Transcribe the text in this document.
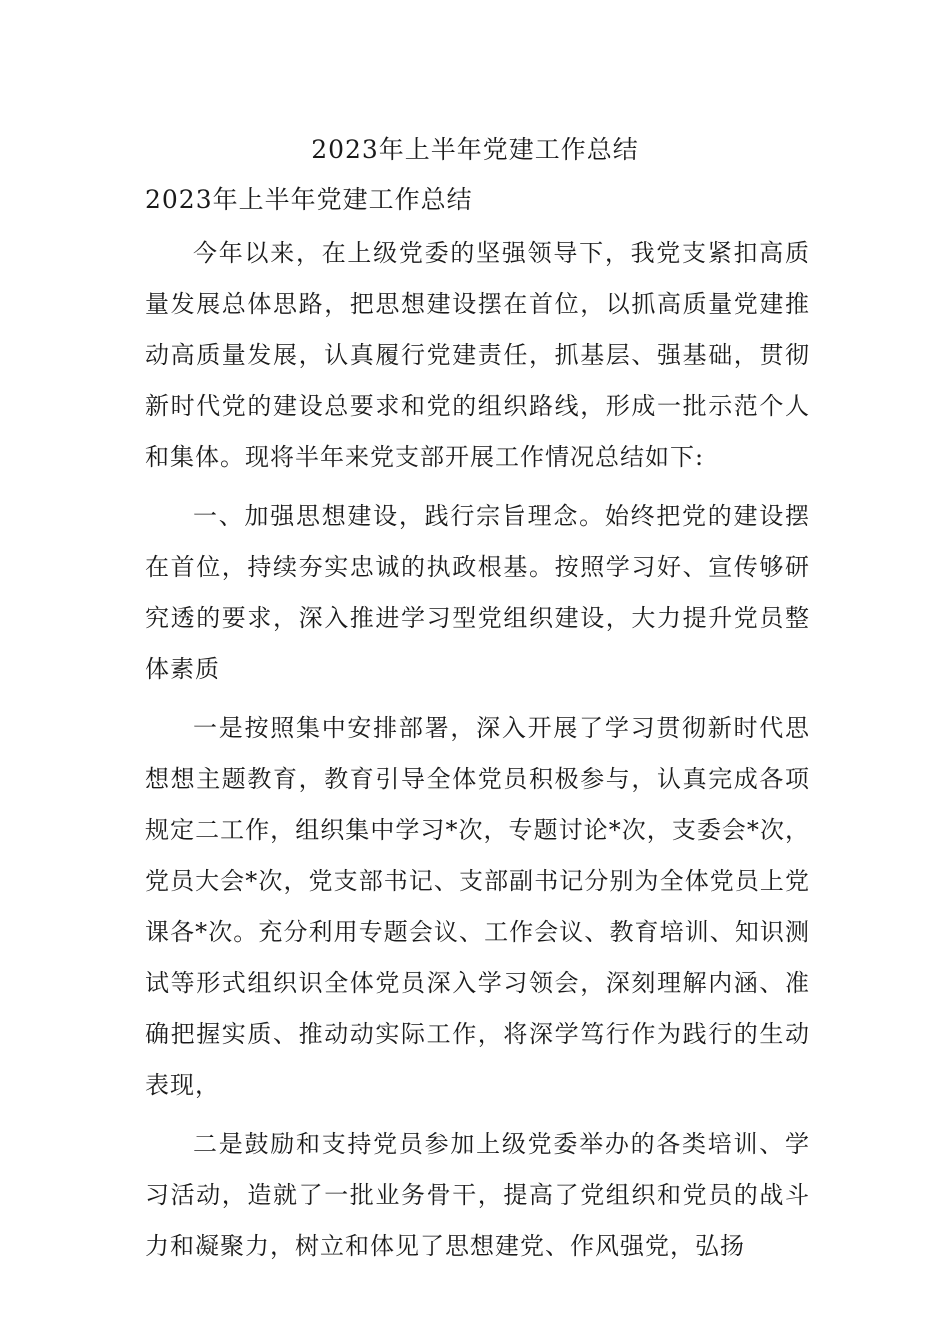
2023年上半年党建工作总结

2023年上半年党建工作总结

今年以来，在上级党委的坚强领导下，我党支紧扣高质量发展总体思路，把思想建设摆在首位，以抓高质量党建推动高质量发展，认真履行党建责任，抓基层、强基础，贯彻新时代党的建设总要求和党的组织路线，形成一批示范个人和集体。现将半年来党支部开展工作情况总结如下:

一、加强思想建设，践行宗旨理念。始终把党的建设摆在首位，持续夯实忠诚的执政根基。按照学习好、宣传够研究透的要求，深入推进学习型党组织建设，大力提升党员整体素质

一是按照集中安排部署，深入开展了学习贯彻新时代思想想主题教育，教育引导全体党员积极参与，认真完成各项规定二工作，组织集中学习*次，专题讨论*次，支委会*次，党员大会*次，党支部书记、支部副书记分别为全体党员上党课各*次。充分利用专题会议、工作会议、教育培训、知识测试等形式组织识全体党员深入学习领会，深刻理解内涵、准确把握实质、推动动实际工作，将深学笃行作为践行的生动表现，

二是鼓励和支持党员参加上级党委举办的各类培训、学习活动，造就了一批业务骨干，提高了党组织和党员的战斗力和凝聚力，树立和体见了思想建党、作风强党，弘扬
